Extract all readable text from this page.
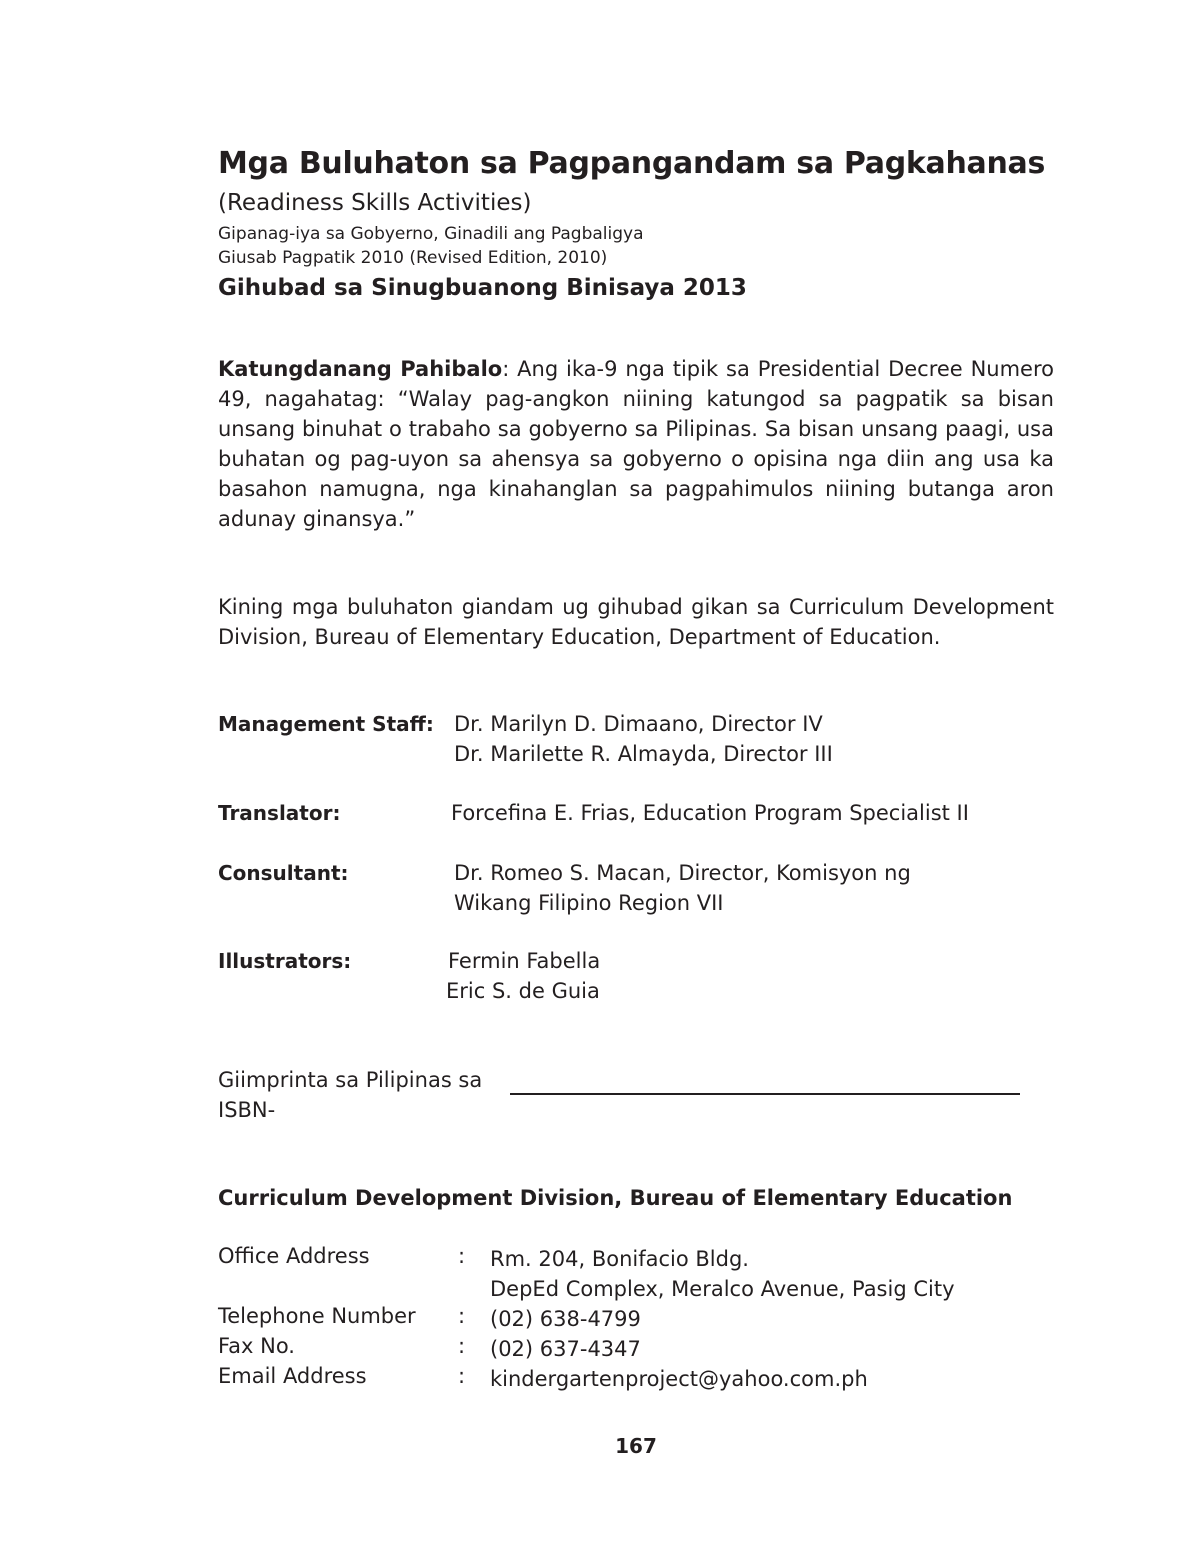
Mga Buluhaton sa Pagpangandam sa Pagkahanas
(Readiness Skills Activities)
Gipanag-iya sa Gobyerno, Ginadili ang Pagbaligya
Giusab Pagpatik 2010 (Revised Edition, 2010)
Gihubad sa Sinugbuanong Binisaya 2013
Katungdanang Pahibalo: Ang ika-9 nga tipik sa Presidential Decree Numero 49, nagahatag: “Walay pag-angkon niining katungod sa pagpatik sa bisan unsang binuhat o trabaho sa gobyerno sa Pilipinas. Sa bisan unsang paagi, usa buhatan og pag-uyon sa ahensya sa gobyerno o opisina nga diin ang usa ka basahon namugna, nga kinahanglan sa pagpahimulos niining butanga aron adunay ginansya.”
Kining mga buluhaton giandam ug gihubad gikan sa Curriculum Development Division, Bureau of Elementary Education, Department of Education.
Management Staff: Dr. Marilyn D. Dimaano, Director IV
Dr. Marilette R. Almayda, Director III
Translator:	Forcefina E. Frias, Education Program Specialist II
Consultant:	Dr. Romeo S. Macan, Director, Komisyon ng
Wikang Filipino Region VII
Illustrators:	Fermin Fabella
Eric S. de Guia
Giimprinta sa Pilipinas sa
ISBN-
Curriculum Development Division, Bureau of Elementary Education
Office Address	: Rm. 204, Bonifacio Bldg.
DepEd Complex, Meralco Avenue, Pasig City
Telephone Number : (02) 638-4799
Fax No.	: (02) 637-4347
Email Address	: kindergartenproject@yahoo.com.ph
167
